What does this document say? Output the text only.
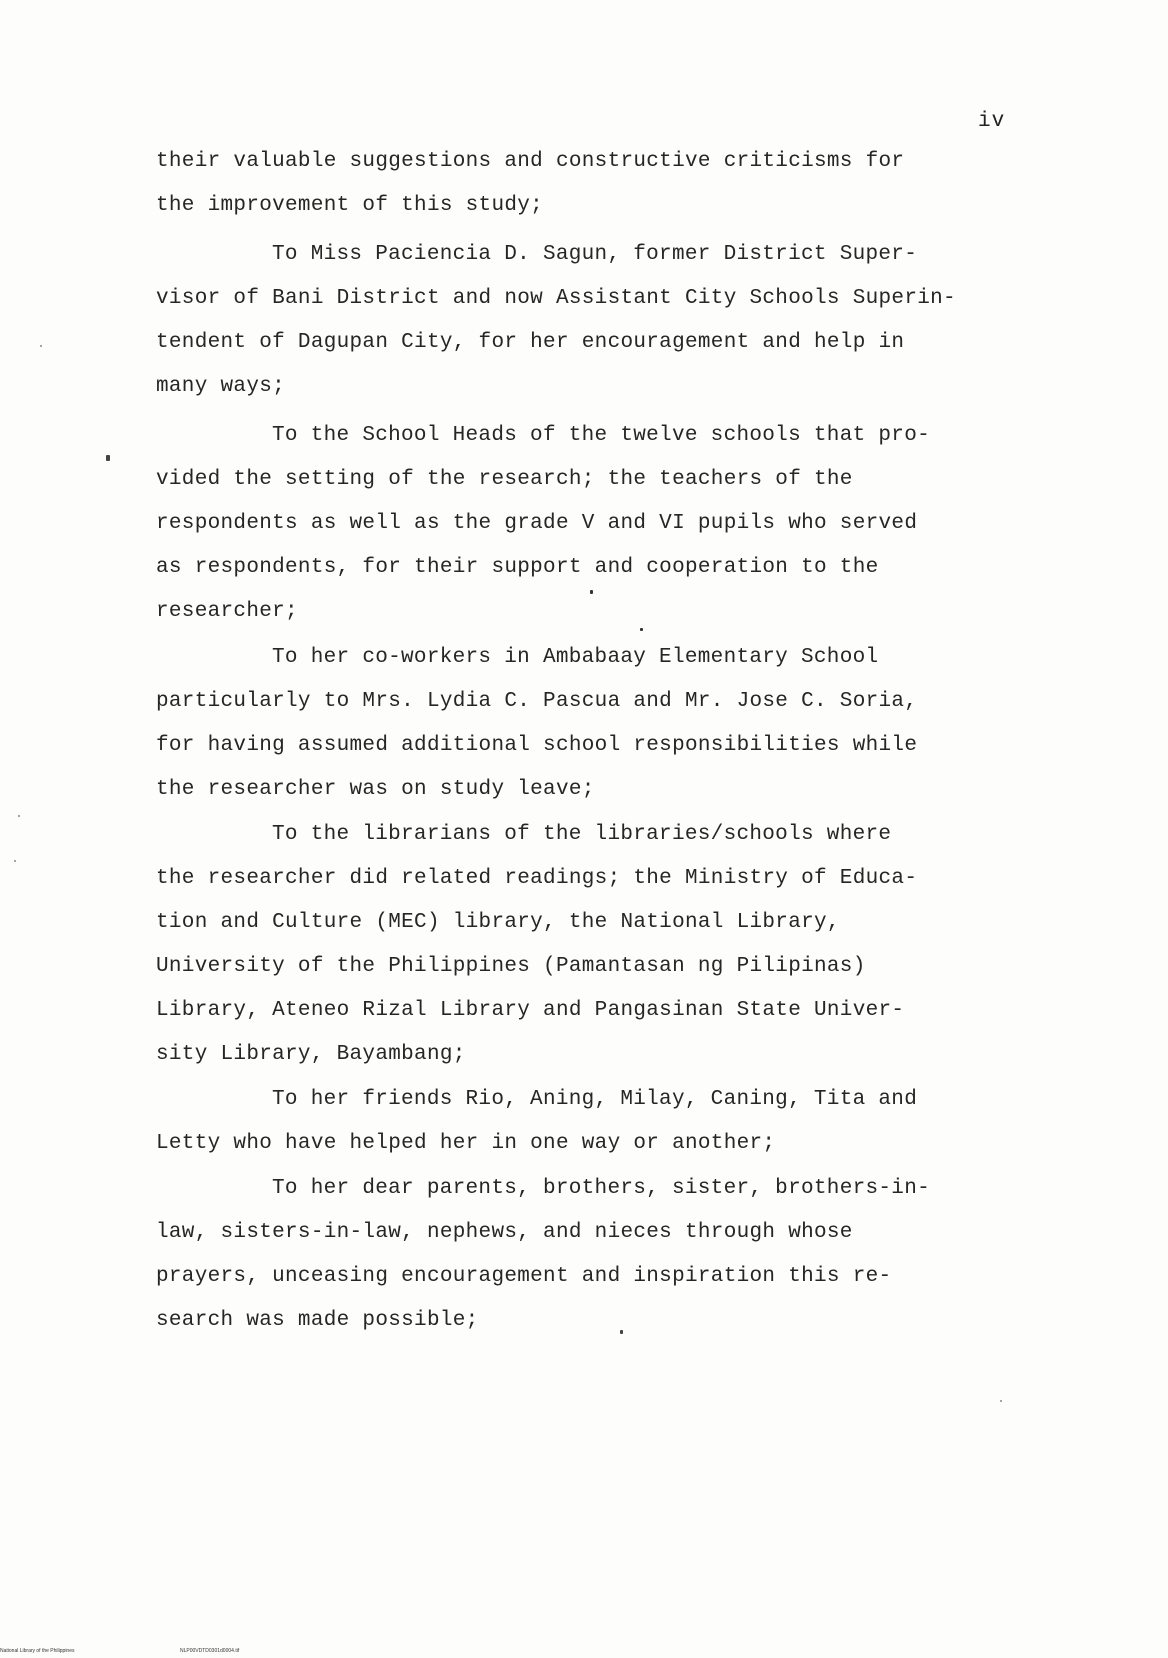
iv
their valuable suggestions and constructive criticisms for
the improvement of this study;
To Miss Paciencia D. Sagun, former District Super-
visor of Bani District and now Assistant City Schools Superin-
tendent of Dagupan City, for her encouragement and help in
many ways;
To the School Heads of the twelve schools that pro-
vided the setting of the research; the teachers of the
respondents as well as the grade V and VI pupils who served
as respondents, for their support and cooperation to the
researcher;
To her co-workers in Ambabaay Elementary School
particularly to Mrs. Lydia C. Pascua and Mr. Jose C. Soria,
for having assumed additional school responsibilities while
the researcher was on study leave;
To the librarians of the libraries/schools where
the researcher did related readings; the Ministry of Educa-
tion and Culture (MEC) library, the National Library,
University of the Philippines (Pamantasan ng Pilipinas)
Library, Ateneo Rizal Library and Pangasinan State Univer-
sity Library, Bayambang;
To her friends Rio, Aning, Milay, Caning, Tita and
Letty who have helped her in one way or another;
To her dear parents, brothers, sister, brothers-in-
law, sisters-in-law, nephews, and nieces through whose
prayers, unceasing encouragement and inspiration this re-
search was made possible;
National Library of the Philippines	NLP00VDTD0301d0004.tif
